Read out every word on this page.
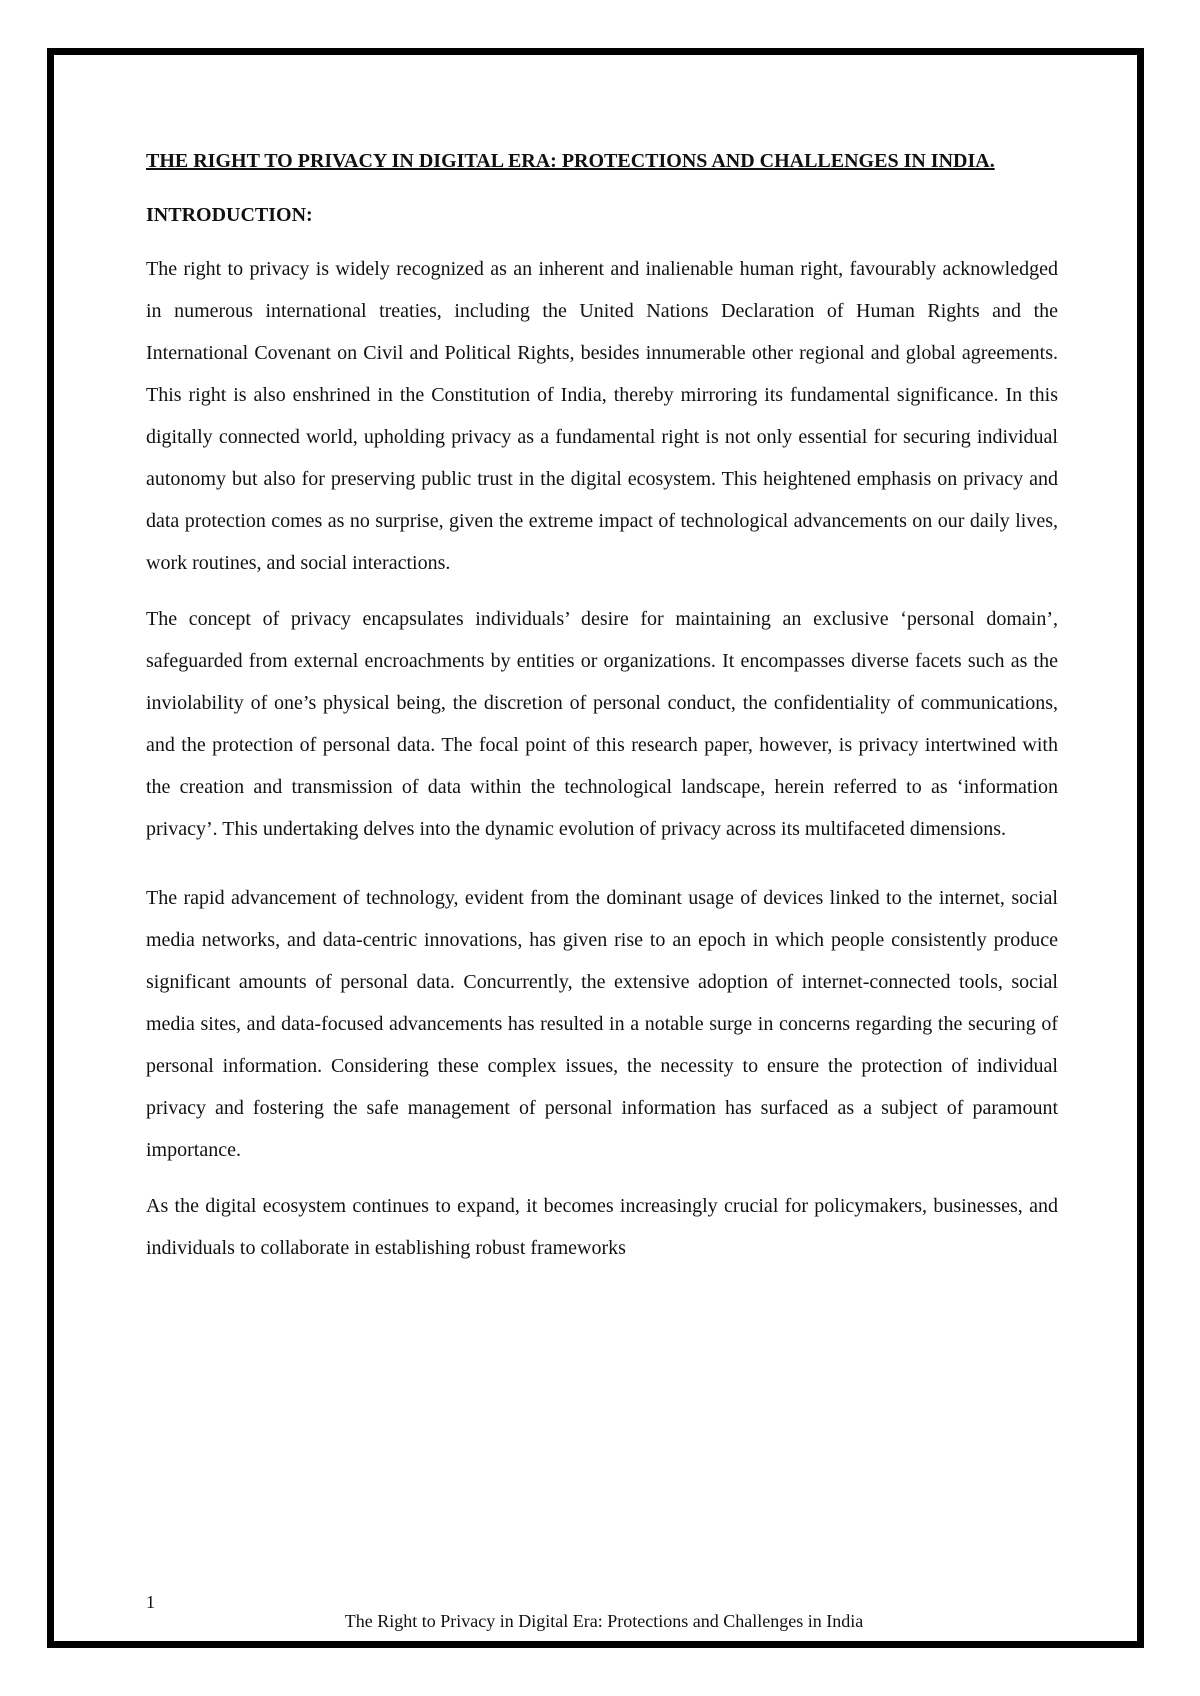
THE RIGHT TO PRIVACY IN DIGITAL ERA: PROTECTIONS AND CHALLENGES IN INDIA.
INTRODUCTION:

The right to privacy is widely recognized as an inherent and inalienable human right, favourably acknowledged in numerous international treaties, including the United Nations Declaration of Human Rights and the International Covenant on Civil and Political Rights, besides innumerable other regional and global agreements. This right is also enshrined in the Constitution of India, thereby mirroring its fundamental significance. In this digitally connected world, upholding privacy as a fundamental right is not only essential for securing individual autonomy but also for preserving public trust in the digital ecosystem. This heightened emphasis on privacy and data protection comes as no surprise, given the extreme impact of technological advancements on our daily lives, work routines, and social interactions.

The concept of privacy encapsulates individuals’ desire for maintaining an exclusive ‘personal domain’, safeguarded from external encroachments by entities or organizations. It encompasses diverse facets such as the inviolability of one’s physical being, the discretion of personal conduct, the confidentiality of communications, and the protection of personal data. The focal point of this research paper, however, is privacy intertwined with the creation and transmission of data within the technological landscape, herein referred to as ‘information privacy’. This undertaking delves into the dynamic evolution of privacy across its multifaceted dimensions.

The rapid advancement of technology, evident from the dominant usage of devices linked to the internet, social media networks, and data-centric innovations, has given rise to an epoch in which people consistently produce significant amounts of personal data. Concurrently, the extensive adoption of internet-connected tools, social media sites, and data-focused advancements has resulted in a notable surge in concerns regarding the securing of personal information. Considering these complex issues, the necessity to ensure the protection of individual privacy and fostering the safe management of personal information has surfaced as a subject of paramount importance.

As the digital ecosystem continues to expand, it becomes increasingly crucial for policymakers, businesses, and individuals to collaborate in establishing robust frameworks

1
The Right to Privacy in Digital Era: Protections and Challenges in India
